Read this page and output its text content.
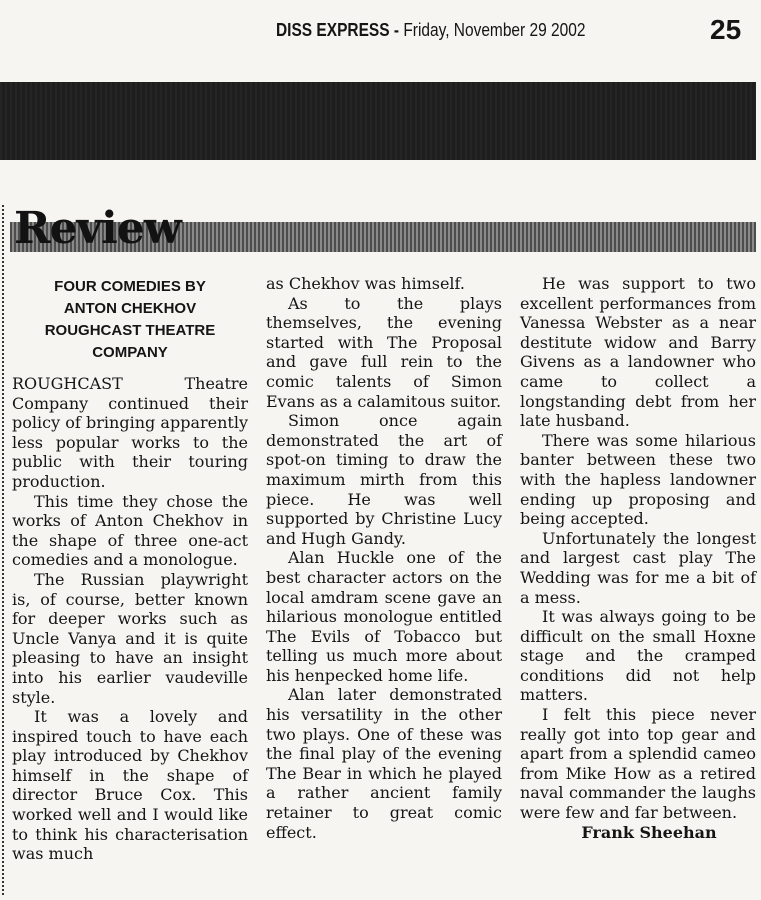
DISS EXPRESS - Friday, November 29 2002	25
Review
FOUR COMEDIES BY
ANTON CHEKHOV
ROUGHCAST THEATRE
COMPANY

ROUGHCAST Theatre Company continued their policy of bringing apparently less popular works to the public with their touring production.

This time they chose the works of Anton Chekhov in the shape of three one-act comedies and a monologue.

The Russian playwright is, of course, better known for deeper works such as Uncle Vanya and it is quite pleasing to have an insight into his earlier vaudeville style.

It was a lovely and inspired touch to have each play introduced by Chekhov himself in the shape of director Bruce Cox. This worked well and I would like to think his characterisation was much

as Chekhov was himself.

As to the plays themselves, the evening started with The Proposal and gave full rein to the comic talents of Simon Evans as a calamitous suitor.

Simon once again demonstrated the art of spot-on timing to draw the maximum mirth from this piece. He was well supported by Christine Lucy and Hugh Gandy.

Alan Huckle one of the best character actors on the local amdram scene gave an hilarious monologue entitled The Evils of Tobacco but telling us much more about his henpecked home life.

Alan later demonstrated his versatility in the other two plays. One of these was the final play of the evening The Bear in which he played a rather ancient family retainer to great comic effect.

He was support to two excellent performances from Vanessa Webster as a near destitute widow and Barry Givens as a landowner who came to collect a longstanding debt from her late husband.

There was some hilarious banter between these two with the hapless landowner ending up proposing and being accepted.

Unfortunately the longest and largest cast play The Wedding was for me a bit of a mess.

It was always going to be difficult on the small Hoxne stage and the cramped conditions did not help matters.

I felt this piece never really got into top gear and apart from a splendid cameo from Mike How as a retired naval commander the laughs were few and far between.

Frank Sheehan
